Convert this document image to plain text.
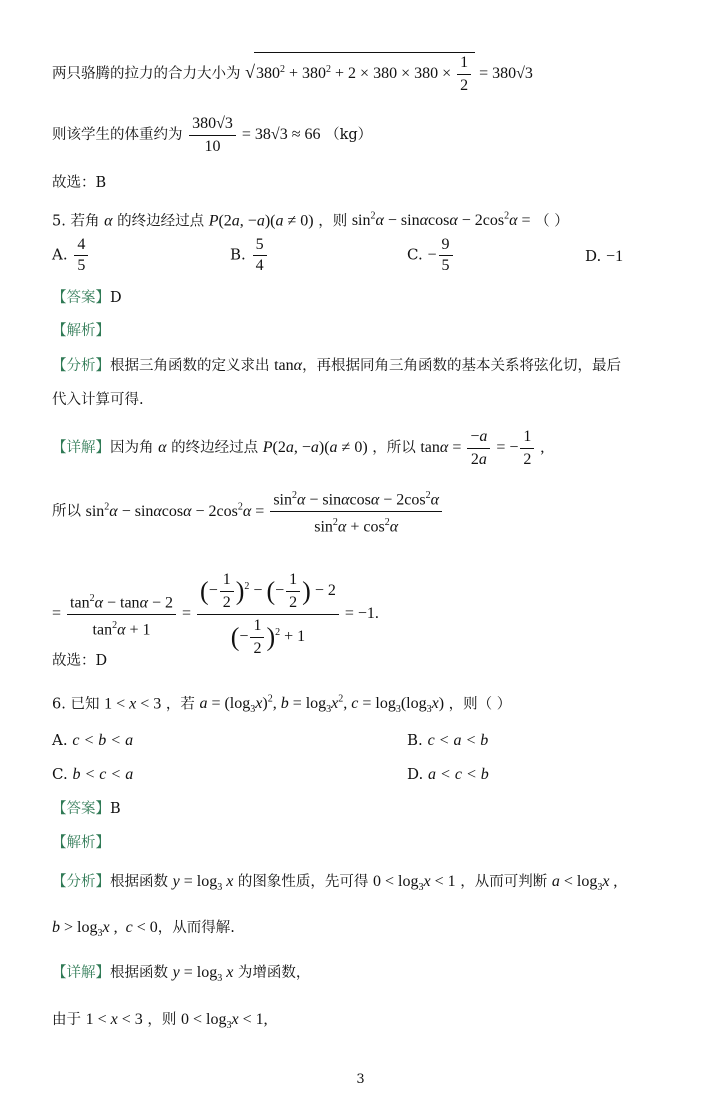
两只骆腾的拉力的合力大小为 $√380^2 + 380^2 + 2 \times 380 \times 380 \times \frac{1}{2} = 380√3$
则该学生的体重约为 $\frac{380√3}{10} = 38√3 \approx 66$ （kg）
故选：B
5. 若角 α 的终边经过点 P(2a, −a)(a ≠ 0) ，则 $\sin^2\alpha - \sin\alpha\cos\alpha - 2\cos^2\alpha$ = （ ）
A. $\frac{4}{5}$	B. $\frac{5}{4}$	C. − $\frac{9}{5}$	D. −1
【答案】D
【解析】
【分析】根据三角函数的定义求出 tanα，再根据同角三角函数的基本关系将弦化切，最后
代入计算可得.
【详解】因为角 α 的终边经过点 P(2a, −a)(a ≠ 0) ，所以 $\tan\alpha = \frac{-a}{2a}$ = − $\frac{1}{2}$ ,
所以 $\sin^2\alpha - \sin\alpha\cos\alpha - 2\cos^2\alpha = \frac{\sin^2\alpha - \sin\alpha\cos\alpha - 2\cos^2\alpha}{\sin^2\alpha + \cos^2\alpha}$
= $\frac{\tan^2\alpha - \tan\alpha - 2}{\tan^2\alpha + 1} = \frac{(- \frac{1}{2} )^2 - (- \frac{1}{2} ) - 2}{(- \frac{1}{2} )^2 + 1} = -1$.
故选：D
6. 已知 1 < x < 3 ，若 $a = (\log_3x)^2$, $b = \log_3x^2$, $c = \log_3(\log_3x)$ ，则（ ）
A. c < b < a	B. c < a < b
C. b < c < a	D. a < c < b
【答案】B
【解析】
【分析】根据函数 $y = \log_3 x$ 的图象性质，先可得 $0 < \log_3x < 1$ ，从而可判断 $a < \log_3x$ ,
$b > \log_3x$ ,  c < 0，从而得解.
【详解】根据函数 $y = \log_3 x$ 为增函数，
由于 1 < x < 3 ，则 $0 < \log_3x < 1$,
3
